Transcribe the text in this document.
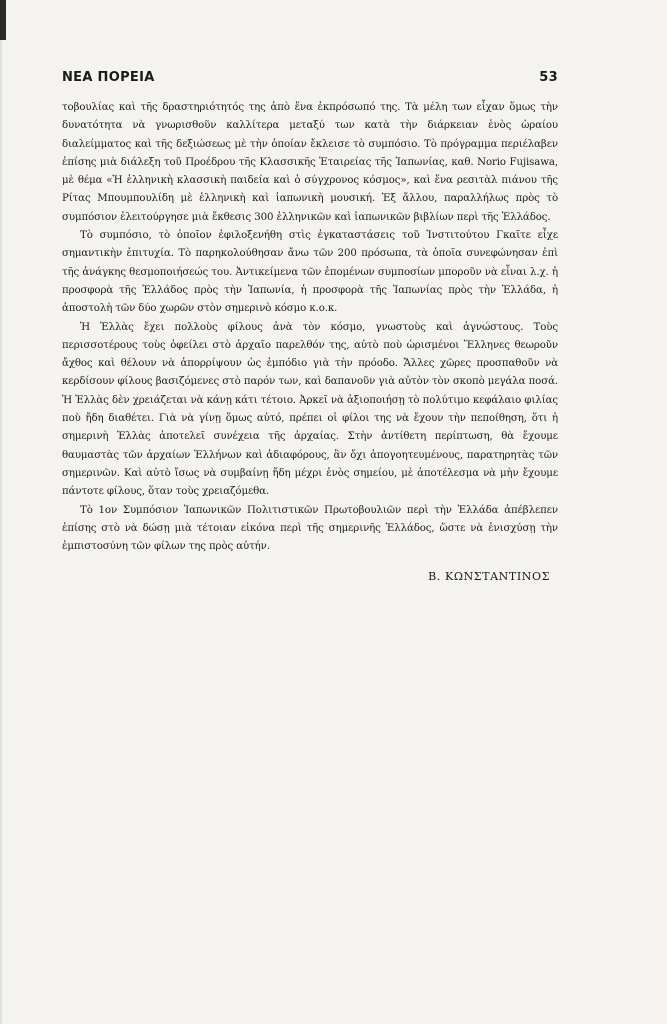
ΝΕΑ ΠΟΡΕΙΑ	53

τοβουλίας καὶ τῆς δραστηριότητός της ἀπὸ ἕνα ἐκπρόσωπό της. Τὰ μέλη των εἶχαν ὅμως τὴν δυνατότητα νὰ γνωρισθοῦν καλλίτερα μεταξύ των κατὰ τὴν διάρκειαν ἑνὸς ὡραίου διαλείμματος καὶ τῆς δεξιώσεως μὲ τὴν ὁποίαν ἔκλεισε τὸ συμπόσιο. Τὸ πρόγραμμα περιέλαβεν ἐπίσης μιὰ διάλεξη τοῦ Προέδρου τῆς Κλασσικῆς Ἑταιρείας τῆς Ἰαπωνίας, καθ. Norio Fujisawa, μὲ θέμα «Ἡ ἑλληνικὴ κλασσικὴ παιδεία καὶ ὁ σύγχρονος κόσμος», καὶ ἕνα ρεσιτὰλ πιάνου τῆς Ρίτας Μπουμπουλίδη μὲ ἑλληνικὴ καὶ ἰαπωνικὴ μουσική. Ἐξ ἄλλου, παραλλήλως πρὸς τὸ συμπόσιον ἐλειτούργησε μιὰ ἔκθεσις 300 ἑλληνικῶν καὶ ἰαπωνικῶν βιβλίων περὶ τῆς Ἑλλάδος.

Τὸ συμπόσιο, τὸ ὁποῖον ἐφιλοξενήθη στὶς ἐγκαταστάσεις τοῦ Ἰνστιτούτου Γκαῖτε εἶχε σημαντικὴν ἐπιτυχία. Τὸ παρηκολούθησαν ἄνω τῶν 200 πρόσωπα, τὰ ὁποῖα συνεφώνησαν ἐπὶ τῆς ἀνάγκης θεσμοποιήσεώς του. Ἀντικείμενα τῶν ἑπομένων συμποσίων μποροῦν νὰ εἶναι λ.χ. ἡ προσφορὰ τῆς Ἑλλάδος πρὸς τὴν Ἰαπωνία, ἡ προσφορὰ τῆς Ἰαπωνίας πρὸς τὴν Ἑλλάδα, ἡ ἀποστολὴ τῶν δύο χωρῶν στὸν σημερινὸ κόσμο κ.ο.κ.

Ἡ Ἑλλὰς ἔχει πολλοὺς φίλους ἀνὰ τὸν κόσμο, γνωστοὺς καὶ ἀγνώστους. Τοὺς περισσοτέρους τοὺς ὀφείλει στὸ ἀρχαῖο παρελθόν της, αὐτὸ ποὺ ὡρισμένοι Ἕλληνες θεωροῦν ἄχθος καὶ θέλουν νὰ ἀπορρίψουν ὡς ἐμπόδιο γιὰ τὴν πρόοδο. Ἄλλες χῶρες προσπαθοῦν νὰ κερδίσουν φίλους βασιζόμενες στὸ παρόν των, καὶ δαπανοῦν γιὰ αὐτὸν τὸν σκοπὸ μεγάλα ποσά. Ἡ Ἑλλὰς δὲν χρειάζεται νὰ κάνῃ κάτι τέτοιο. Ἀρκεῖ νὰ ἀξιοποιήσῃ τὸ πολύτιμο κεφάλαιο φιλίας ποὺ ἤδη διαθέτει. Γιὰ νὰ γίνῃ ὅμως αὐτό, πρέπει οἱ φίλοι της νὰ ἔχουν τὴν πεποίθηση, ὅτι ἡ σημερινὴ Ἑλλὰς ἀποτελεῖ συνέχεια τῆς ἀρχαίας. Στὴν ἀντίθετη περίπτωση, θὰ ἔχουμε θαυμαστὰς τῶν ἀρχαίων Ἑλλήνων καὶ ἀδιαφόρους, ἂν ὄχι ἀπογοητευμένους, παρατηρητὰς τῶν σημερινῶν. Καὶ αὐτὸ ἴσως νὰ συμβαίνῃ ἤδη μέχρι ἑνὸς σημείου, μὲ ἀποτέλεσμα νὰ μὴν ἔχουμε πάντοτε φίλους, ὅταν τοὺς χρειαζόμεθα.

Τὸ 1ον Συμπόσιον Ἰαπωνικῶν Πολιτιστικῶν Πρωτοβουλιῶν περὶ τὴν Ἑλλάδα ἀπέβλεπεν ἐπίσης στὸ νὰ δώσῃ μιὰ τέτοιαν εἰκόνα περὶ τῆς σημερινῆς Ἑλλάδος, ὥστε νὰ ἐνισχύσῃ τὴν ἐμπιστοσύνη τῶν φίλων της πρὸς αὐτήν.

Β. ΚΩΝΣΤΑΝΤΙΝΟΣ
